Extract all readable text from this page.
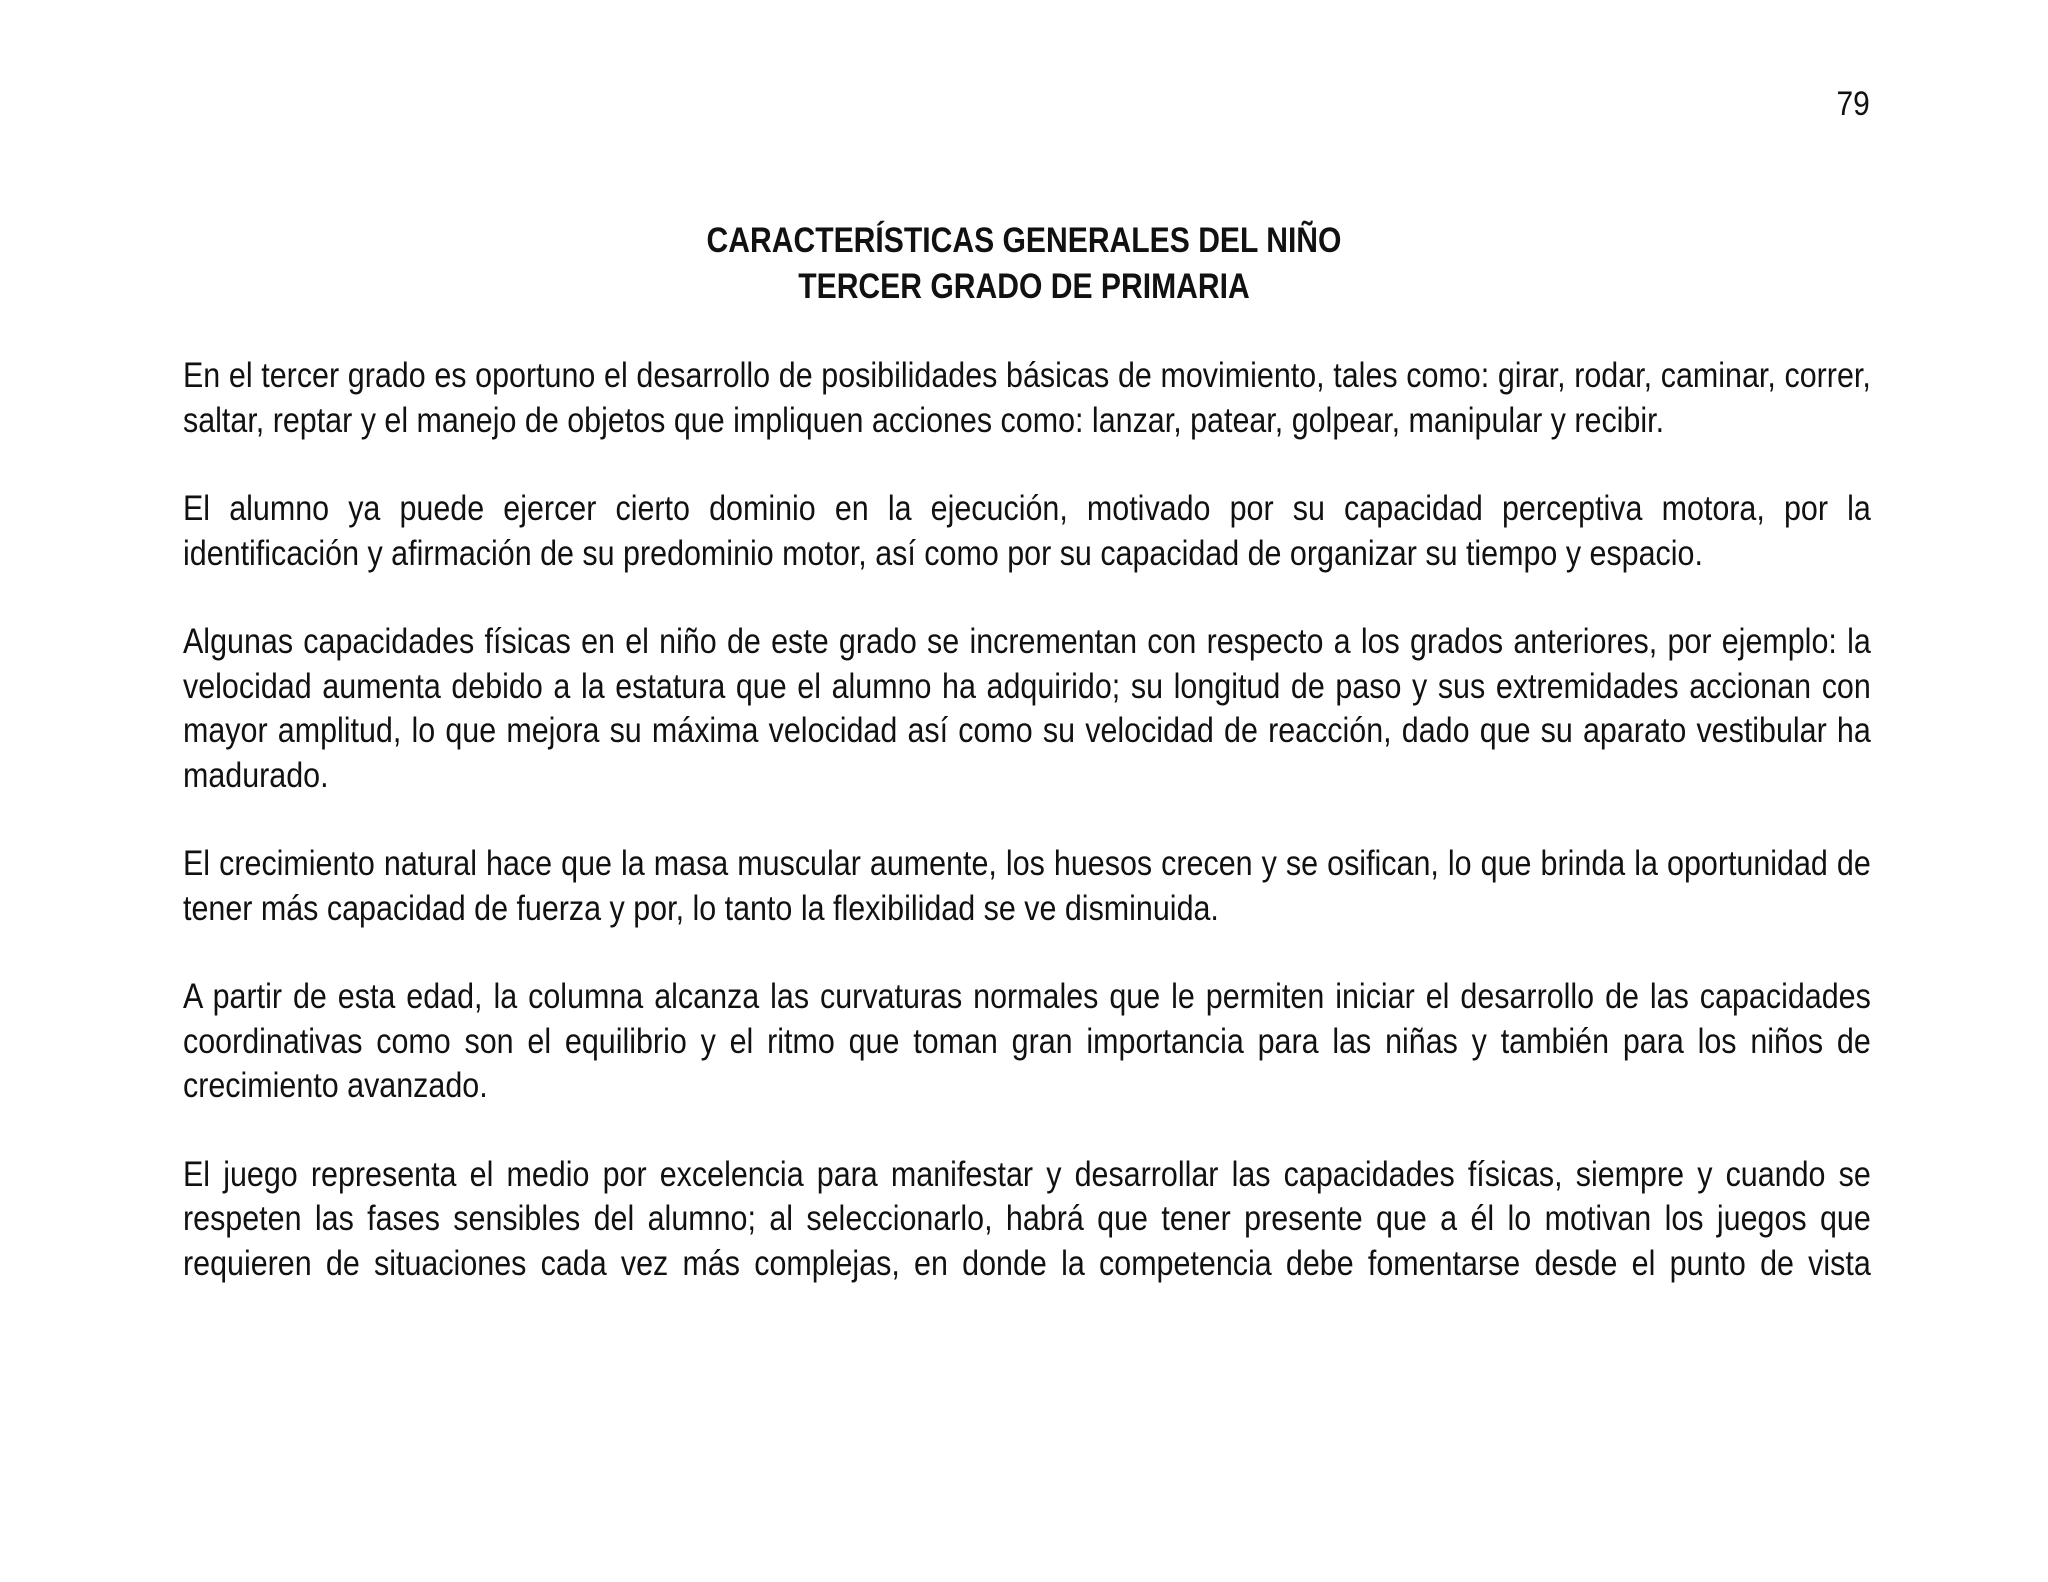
79
CARACTERÍSTICAS GENERALES DEL NIÑO
TERCER GRADO DE PRIMARIA

En el tercer grado es oportuno el desarrollo de posibilidades básicas de movimiento, tales como: girar, rodar, caminar, correr, saltar, reptar y el manejo de objetos que impliquen acciones como: lanzar, patear, golpear, manipular y recibir.

El alumno ya puede ejercer cierto dominio en la ejecución, motivado por su capacidad perceptiva motora, por la identificación y afirmación de su predominio motor, así como por su capacidad de organizar su tiempo y espacio.

Algunas capacidades físicas en el niño de este grado se incrementan con respecto a los grados anteriores, por ejemplo: la velocidad aumenta debido a la estatura que el alumno ha adquirido; su longitud de paso y sus extremidades accionan con mayor amplitud, lo que mejora su máxima velocidad así como su velocidad de reacción, dado que su aparato vestibular ha madurado.

El crecimiento natural hace que la masa muscular aumente, los huesos crecen y se osifican, lo que brinda la oportunidad de tener más capacidad de fuerza y por, lo tanto la flexibilidad se ve disminuida.

A partir de esta edad, la columna alcanza las curvaturas normales que le permiten iniciar el desarrollo de las capacidades coordinativas como son el equilibrio y el ritmo que toman gran importancia para las niñas y también para los niños de crecimiento avanzado.

El juego representa el medio por excelencia para manifestar y desarrollar las capacidades físicas, siempre y cuando se respeten las fases sensibles del alumno; al seleccionarlo, habrá que tener presente que a él lo motivan los juegos que requieren de situaciones cada vez más complejas, en donde la competencia debe fomentarse desde el punto de vista
